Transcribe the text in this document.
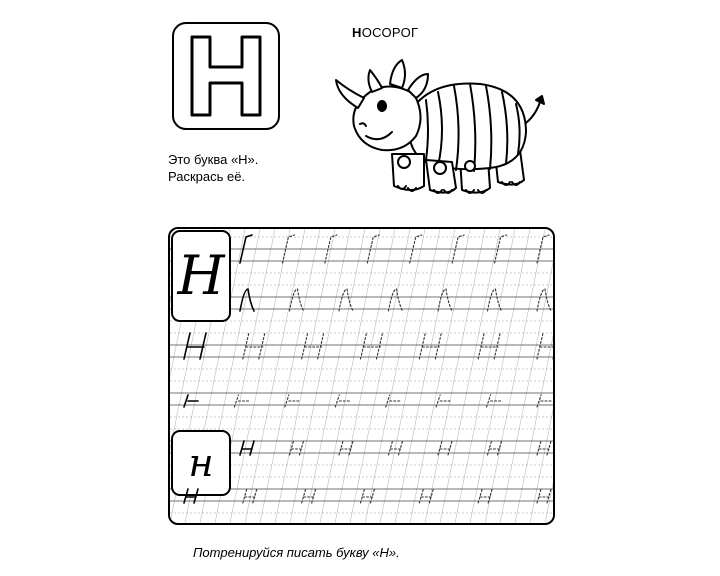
НОСОРОГ
Это буква «Н».
Раскрась её.
Н
н
Потренируйся писать букву «Н».
